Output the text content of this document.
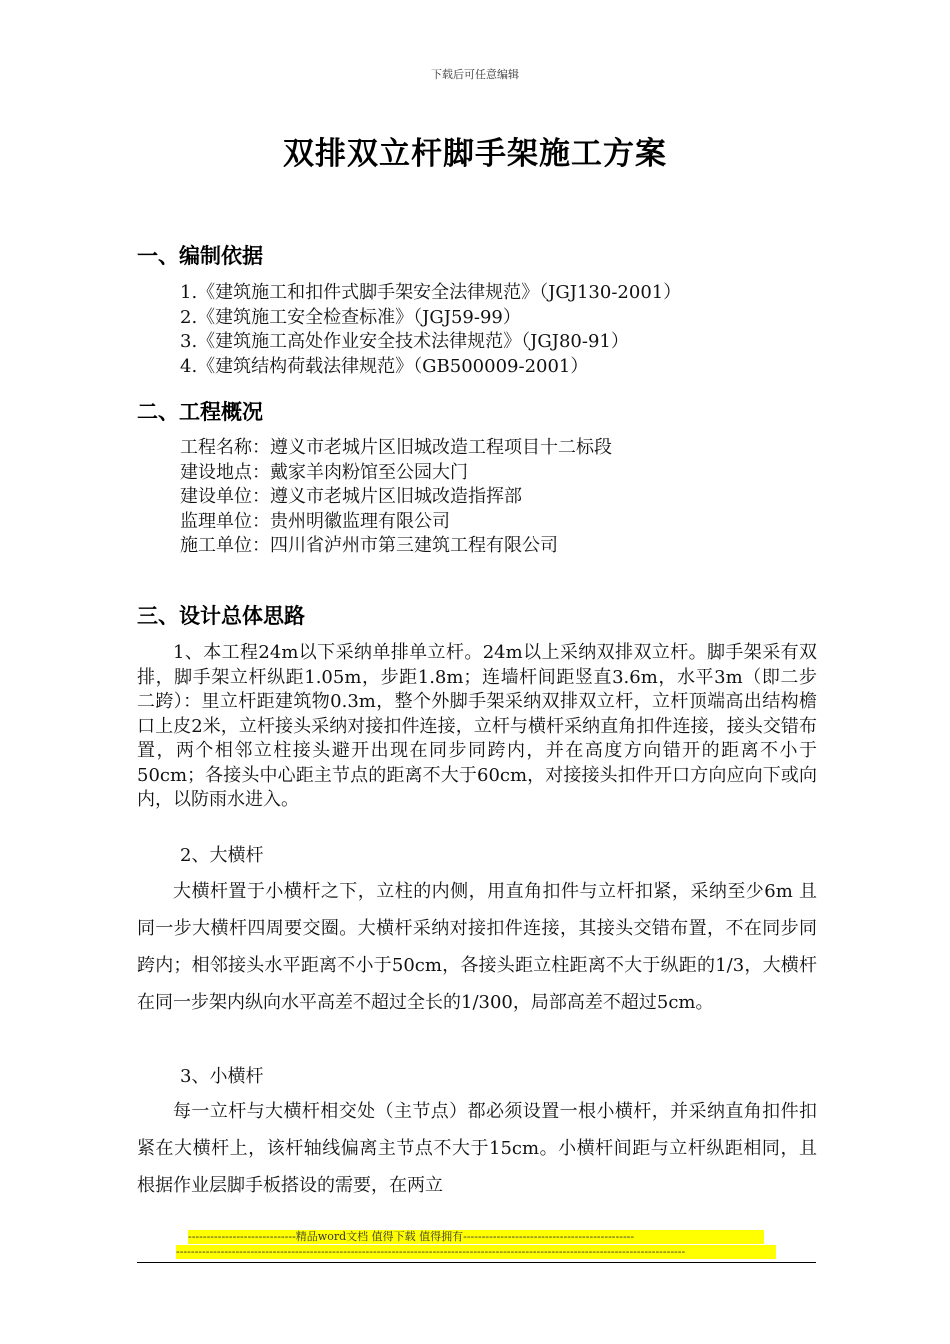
下载后可任意编辑
双排双立杆脚手架施工方案
一、编制依据
1.《建筑施工和扣件式脚手架安全法律规范》（JGJ130-2001）
2.《建筑施工安全检查标准》（JGJ59-99）
3.《建筑施工高处作业安全技术法律规范》（JGJ80-91）
4.《建筑结构荷载法律规范》（GB500009-2001）
二、工程概况
工程名称：遵义市老城片区旧城改造工程项目十二标段
建设地点：戴家羊肉粉馆至公园大门
建设单位：遵义市老城片区旧城改造指挥部
监理单位：贵州明徽监理有限公司
施工单位：四川省泸州市第三建筑工程有限公司
三、设计总体思路

1、本工程24m以下采纳单排单立杆。24m以上采纳双排双立杆。脚手架采有双排，脚手架立杆纵距1.05m，步距1.8m；连墙杆间距竖直3.6m，水平3m（即二步二跨）：里立杆距建筑物0.3m，整个外脚手架采纳双排双立杆，立杆顶端高出结构檐口上皮2米，立杆接头采纳对接扣件连接，立杆与横杆采纳直角扣件连接，接头交错布置，两个相邻立柱接头避开出现在同步同跨内，并在高度方向错开的距离不小于50cm；各接头中心距主节点的距离不大于60cm，对接接头扣件开口方向应向下或向内，以防雨水进入。

2、大横杆

大横杆置于小横杆之下，立柱的内侧，用直角扣件与立杆扣紧，采纳至少6m 且同一步大横杆四周要交圈。大横杆采纳对接扣件连接，其接头交错布置，不在同步同跨内；相邻接头水平距离不小于50cm，各接头距立柱距离不大于纵距的1/3，大横杆在同一步架内纵向水平高差不超过全长的1/300，局部高差不超过5cm。

3、小横杆

每一立杆与大横杆相交处（主节点）都必须设置一根小横杆，并采纳直角扣件扣紧在大横杆上，该杆轴线偏离主节点不大于15cm。小横杆间距与立杆纵距相同，且根据作业层脚手板搭设的需要，在两立

-----------------------------精品word文档 值得下载 值得拥有----------------------------------------------
-----------------------------------------------------------------------------------------------------------------------------------------
